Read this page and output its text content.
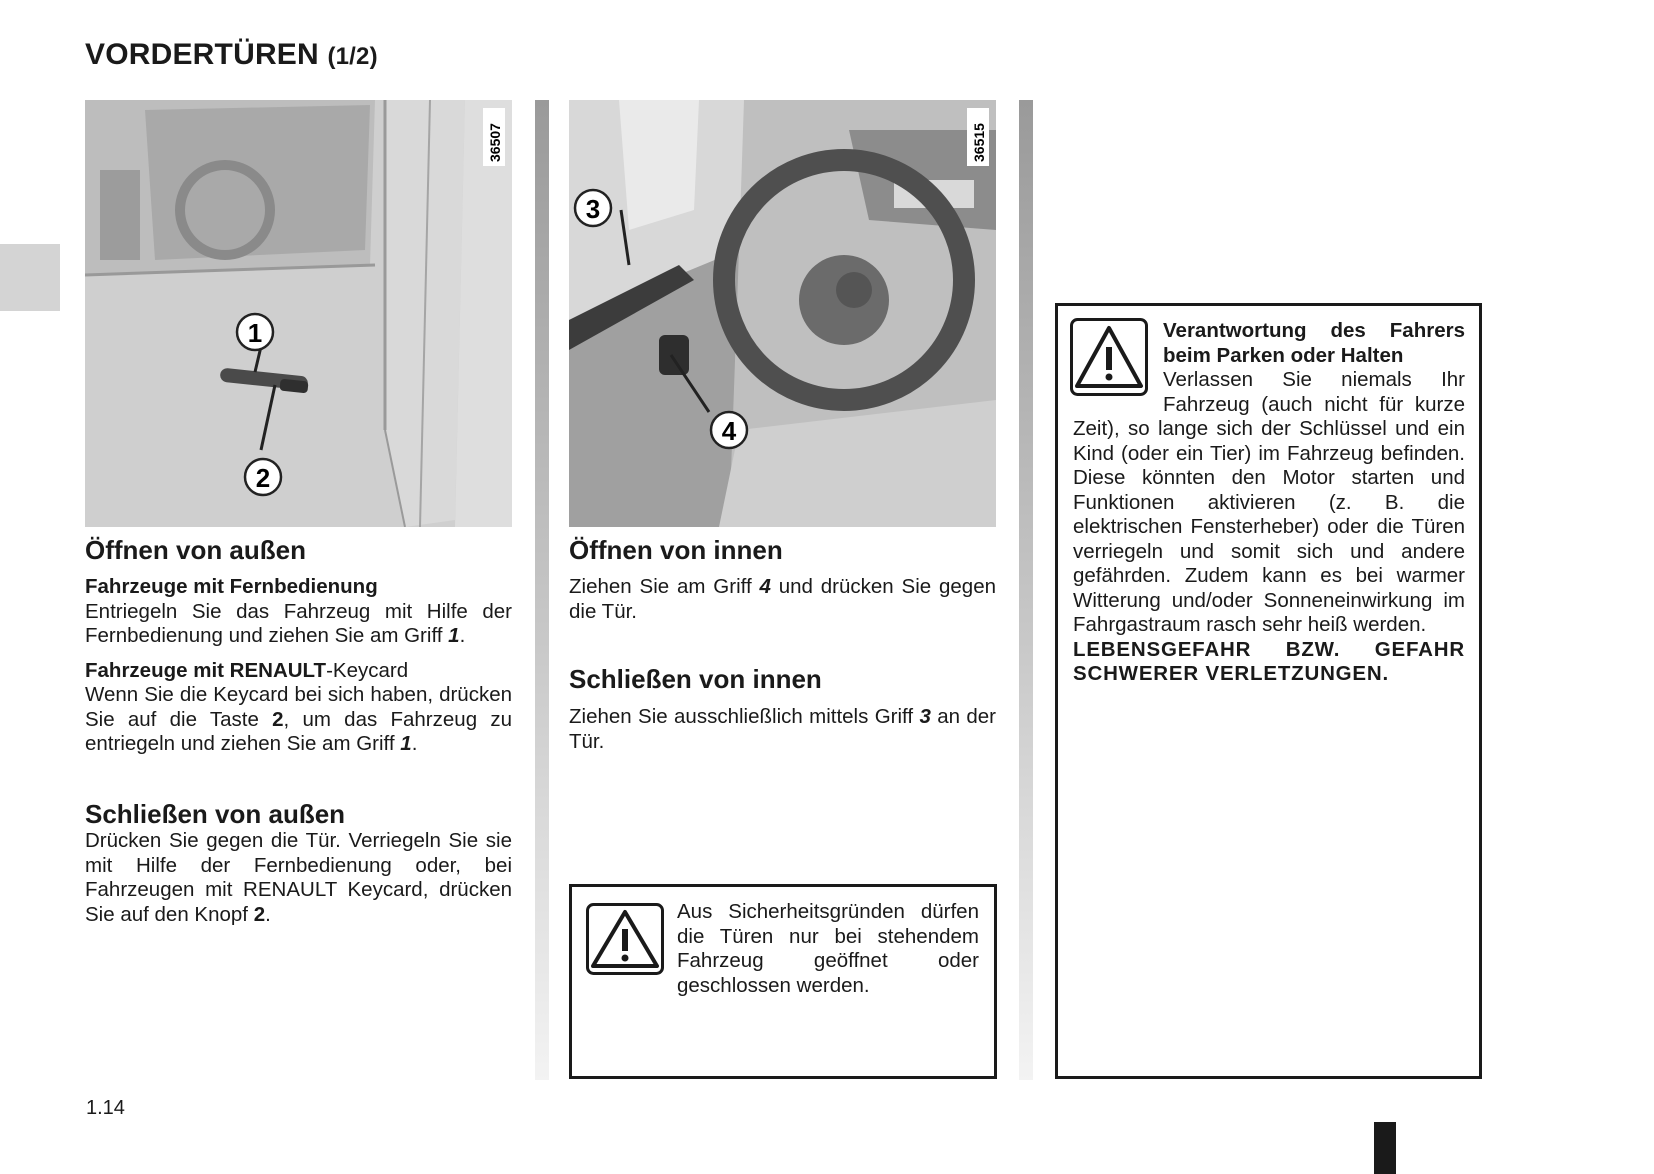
VORDERTÜREN (1/2)
1
2
36507
3
4
36515
Öffnen von außen

Fahrzeuge mit Fernbedienung

Entriegeln Sie das Fahrzeug mit Hilfe der Fernbedienung und ziehen Sie am Griff 1.

Fahrzeuge mit RENAULT-Keycard

Wenn Sie die Keycard bei sich haben, drücken Sie auf die Taste 2, um das Fahrzeug zu entriegeln und ziehen Sie am Griff 1.

Schließen von außen

Drücken Sie gegen die Tür. Verriegeln Sie sie mit Hilfe der Fernbedienung oder, bei Fahrzeugen mit RENAULT Keycard, drücken Sie auf den Knopf 2.

Öffnen von innen

Ziehen Sie am Griff 4 und drücken Sie gegen die Tür.

Schließen von innen

Ziehen Sie ausschließlich mittels Griff 3 an der Tür.

Aus Sicherheitsgründen dürfen die Türen nur bei stehendem Fahrzeug geöffnet oder geschlossen werden.

Verantwortung des Fahrers beim Parken oder Halten

Verlassen Sie niemals Ihr Fahrzeug (auch nicht für kurze Zeit), so lange sich der Schlüssel und ein Kind (oder ein Tier) im Fahrzeug befinden. Diese könnten den Motor starten und Funktionen aktivieren (z. B. die elektrischen Fensterheber) oder die Türen verriegeln und somit sich und andere gefährden. Zudem kann es bei warmer Witterung und/oder Sonneneinwirkung im Fahrgastraum rasch sehr heiß werden.

LEBENSGEFAHR BZW. GEFAHR SCHWERER VERLETZUNGEN.

1.14
